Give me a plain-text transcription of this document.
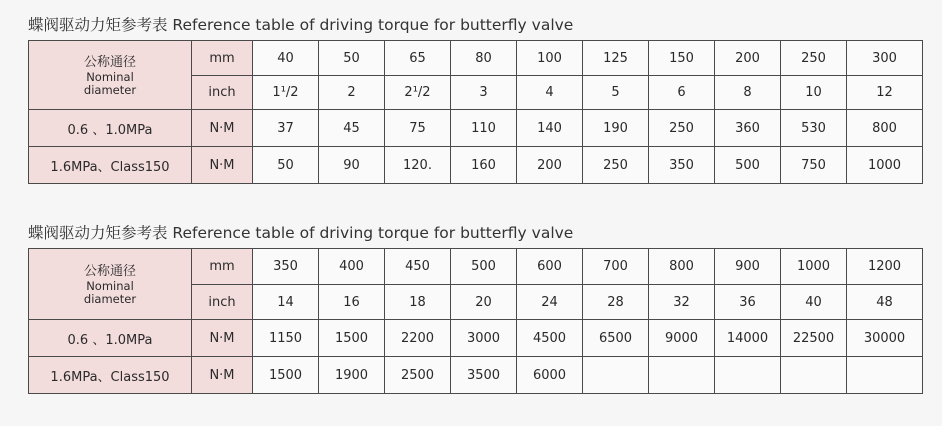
蝶阀驱动力矩参考表 Reference table of driving torque for butterfly valve
公称通径
Nominal
diameter	mm	40	50	65	80	100	125	150	200	250	300
	inch	1¹/2	2	2¹/2	3	4	5	6	8	10	12
0.6 、1.0MPa	N·M	37	45	75	110	140	190	250	360	530	800
1.6MPa、Class150	N·M	50	90	120.	160	200	250	350	500	750	1000
蝶阀驱动力矩参考表 Reference table of driving torque for butterfly valve
公称通径
Nominal
diameter	mm	350	400	450	500	600	700	800	900	1000	1200
	inch	14	16	18	20	24	28	32	36	40	48
0.6 、1.0MPa	N·M	1150	1500	2200	3000	4500	6500	9000	14000	22500	30000
1.6MPa、Class150	N·M	1500	1900	2500	3500	6000					
